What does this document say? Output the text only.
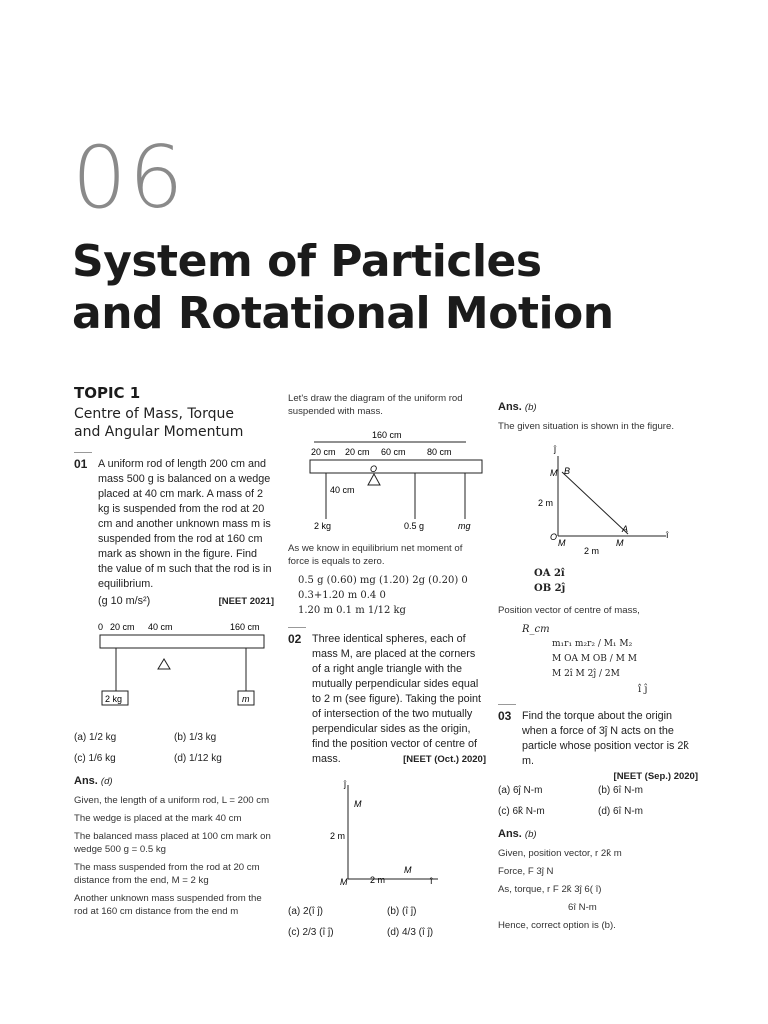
06
System of Particles
and Rotational Motion
TOPIC 1
Centre of Mass, Torque
and Angular Momentum
01 A uniform rod of length 200 cm and mass 500 g is balanced on a wedge placed at 40 cm mark. A mass of 2 kg is suspended from the rod at 20 cm and another unknown mass m is suspended from the rod at 160 cm mark as shown in the figure. Find the value of m such that the rod is in equilibrium.
(g 10 m/s²)	[NEET 2021]
0 20 cm 40 cm	160 cm
2 kg	m
(a) 1/2 kg	(b) 1/3 kg
(c) 1/6 kg	(d) 1/12 kg
Ans. (d)

Given, the length of a uniform rod, L = 200 cm

The wedge is placed at the mark 40 cm

The balanced mass placed at 100 cm mark on wedge 500 g = 0.5 kg

The mass suspended from the rod at 20 cm distance from the end, M = 2 kg

Another unknown mass suspended from the rod at 160 cm distance from the end m

Let's draw the diagram of the uniform rod suspended with mass.

160 cm
20 cm 20 cm 60 cm 80 cm
O
40 cm
2 kg	0.5 g	mg

As we know in equilibrium net moment of force is equals to zero.

0.5 g (0.60) mg (1.20) 2g (0.20) 0
0.3+1.20 m 0.4 0
1.20 m 0.1 m 1/12 kg
02 Three identical spheres, each of mass M, are placed at the corners of a right angle triangle with the mutually perpendicular sides equal to 2 m (see figure). Taking the point of intersection of the two mutually perpendicular sides as the origin, find the position vector of centre of mass.	[NEET (Oct.) 2020]
ĵ
î
M
M
M
2 m
2 m
(a) 2(î ĵ)	(b) (î ĵ)
(c) 2/3 (î ĵ)	(d) 4/3 (î ĵ)
Ans. (b)

The given situation is shown in the figure.

ĵ
î
B
M
A
M
O
M
2 m
2 m
OA 2î
OB 2ĵ

Position vector of centre of mass,

R_cm
m₁r₁ m₂r₂ / M₁ M₂
M OA M OB / M M
M 2î M 2ĵ / 2M
î ĵ
03 Find the torque about the origin when a force of 3ĵ N acts on the particle whose position vector is 2k̂ m.
[NEET (Sep.) 2020]
(a) 6ĵ N-m	(b) 6î N-m
(c) 6k̂ N-m	(d) 6î N-m
Ans. (b)

Given, position vector, r 2k̂ m

Force, F 3ĵ N

As, torque, r F 2k̂ 3ĵ 6( î)

6î N-m

Hence, correct option is (b).
